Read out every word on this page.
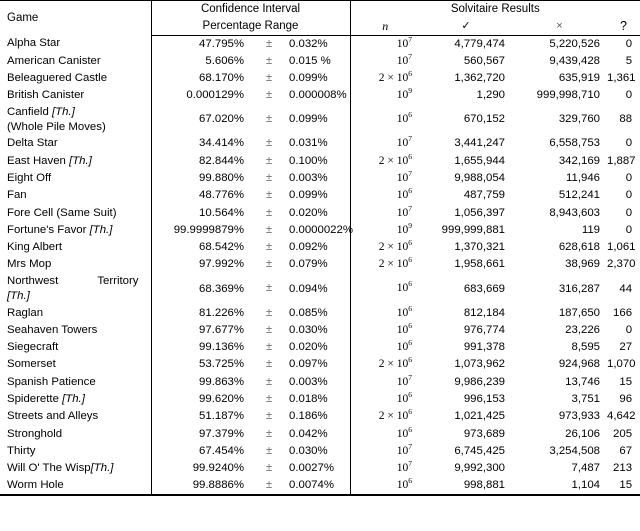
Game	Confidence Interval			Solvitaire Results			

	Percentage Range			n	✓	×	?

Alpha Star	47.795%	±	0.032%	$10^7$	4,779,474	5,220,526	0

American Canister	5.606%	±	0.015 %	$10^7$	560,567	9,439,428	5

Beleaguered Castle	68.170%	±	0.099%	$2 \times 10^6$	1,362,720	635,919	1,361

British Canister	0.000129%	±	0.000008%	$10^9$	1,290	999,998,710	0

Canfield [Th.]
(Whole Pile Moves)	67.020%	±	0.099%	$10^6$	670,152	329,760	88

Delta Star	34.414%	±	0.031%	$10^7$	3,441,247	6,558,753	0

East Haven [Th.]	82.844%	±	0.100%	$2 \times 10^6$	1,655,944	342,169	1,887

Eight Off	99.880%	±	0.003%	$10^7$	9,988,054	11,946	0

Fan	48.776%	±	0.099%	$10^6$	487,759	512,241	0

Fore Cell (Same Suit)	10.564%	±	0.020%	$10^7$	1,056,397	8,943,603	0

Fortune's Favor [Th.]	99.9999879%	±	0.0000022%	$10^9$	999,999,881	119	0

King Albert	68.542%	±	0.092%	$2 \times 10^6$	1,370,321	628,618	1,061

Mrs Mop	97.992%	±	0.079%	$2 \times 10^6$	1,958,661	38,969	2,370

Northwest Territory
[Th.]	68.369%	±	0.094%	$10^6$	683,669	316,287	44

Raglan	81.226%	±	0.085%	$10^6$	812,184	187,650	166

Seahaven Towers	97.677%	±	0.030%	$10^6$	976,774	23,226	0

Siegecraft	99.136%	±	0.020%	$10^6$	991,378	8,595	27

Somerset	53.725%	±	0.097%	$2 \times 10^6$	1,073,962	924,968	1,070

Spanish Patience	99.863%	±	0.003%	$10^7$	9,986,239	13,746	15

Spiderette [Th.]	99.620%	±	0.018%	$10^6$	996,153	3,751	96

Streets and Alleys	51.187%	±	0.186%	$2 \times 10^6$	1,021,425	973,933	4,642

Stronghold	97.379%	±	0.042%	$10^6$	973,689	26,106	205

Thirty	67.454%	±	0.030%	$10^7$	6,745,425	3,254,508	67

Will O' The Wisp[Th.]	99.9240%	±	0.0027%	$10^7$	9,992,300	7,487	213

Worm Hole	99.8886%	±	0.0074%	$10^6$	998,881	1,104	15
